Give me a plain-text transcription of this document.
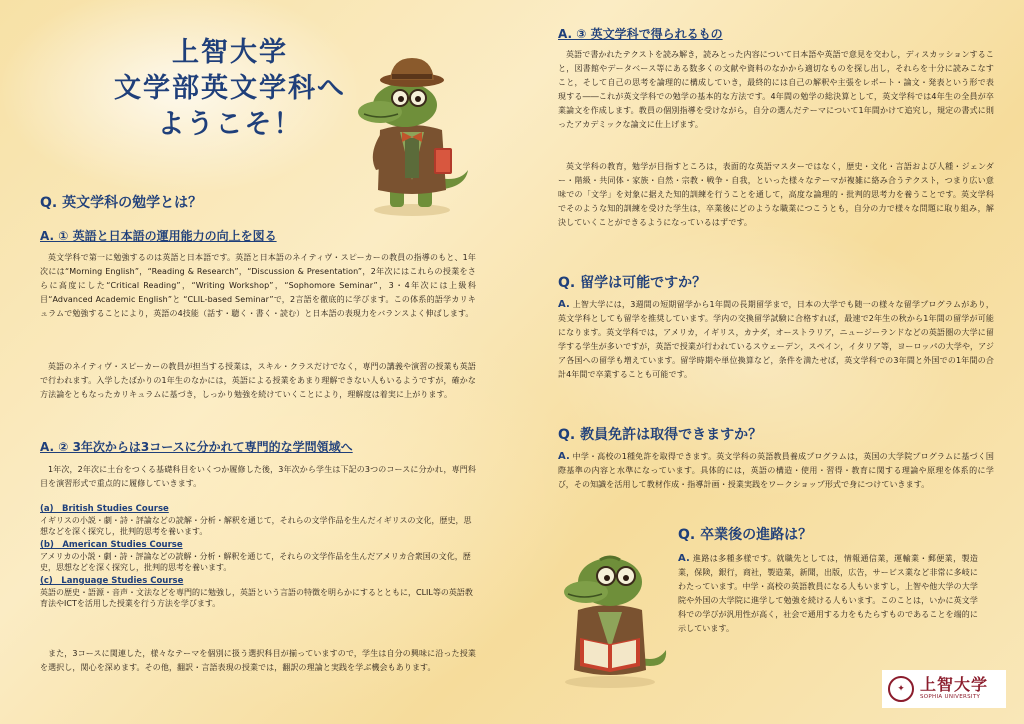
上智大学
文学部英文学科へ
ようこそ！
Q. 英文学科の勉学とは？
A. ① 英語と日本語の運用能力の向上を図る

英文学科で第一に勉強するのは英語と日本語です。英語と日本語のネイティヴ・スピーカーの教員の指導のもと、1年次には“Morning English”，“Reading & Research”，“Discussion & Presentation”，2年次にはこれらの授業をさらに高度にした“Critical Reading”，“Writing Workshop”，“Sophomore Seminar”，3・4年次には上級科目“Advanced Academic English”と “CLIL-based Seminar”で，2言語を徹底的に学びます。この体系的語学カリキュラムで勉強することにより，英語の4技能（話す・聴く・書く・読む）と日本語の表現力をバランスよく伸ばします。

英語のネイティヴ・スピーカーの教員が担当する授業は，スキル・クラスだけでなく，専門の講義や演習の授業も英語で行われます。入学したばかりの1年生のなかには，英語による授業をあまり理解できない人もいるようですが，確かな方法論をともなったカリキュラムに基づき，しっかり勉強を続けていくことにより，理解度は着実に上がります。

A. ② 3年次からは3コースに分かれて専門的な学問領域へ

1年次，2年次に土台をつくる基礎科目をいくつか履修した後，3年次から学生は下記の3つのコースに分かれ，専門科目を演習形式で重点的に履修していきます。

(a)　British Studies Course
イギリスの小説・劇・詩・評論などの読解・分析・解釈を通じて，それらの文学作品を生んだイギリスの文化，歴史，思想などを深く探究し，批判的思考を養います。
(b)　American Studies Course
アメリカの小説・劇・詩・評論などの読解・分析・解釈を通じて，それらの文学作品を生んだアメリカ合衆国の文化，歴史，思想などを深く探究し，批判的思考を養います。
(c)　Language Studies Course
英語の歴史・語源・音声・文法などを専門的に勉強し，英語という言語の特徴を明らかにするとともに，CLIL等の英語教育法やICTを活用した授業を行う方法を学びます。

また，3コースに関連した，様々なテーマを個別に扱う選択科目が揃っていますので，学生は自分の興味に沿った授業を選択し，関心を深めます。その他，翻訳・言語表現の授業では，翻訳の理論と実践を学ぶ機会もあります。

A. ③ 英文学科で得られるもの

英語で書かれたテクストを読み解き，読みとった内容について日本語や英語で意見を交わし，ディスカッションすること，図書館やデータベース等にある数多くの文献や資料のなかから適切なものを探し出し，それらを十分に読みこなすこと，そして自己の思考を論理的に構成していき，最終的には自己の解釈や主張をレポート・論文・発表という形で表現する――これが英文学科での勉学の基本的な方法です。4年間の勉学の総決算として，英文学科では4年生の全員が卒業論文を作成します。教員の個別指導を受けながら，自分の選んだテーマについて1年間かけて追究し，規定の書式に則ったアカデミックな論文に仕上げます。

英文学科の教育，勉学が目指すところは，表面的な英語マスターではなく，歴史・文化・言語および人種・ジェンダー・階級・共同体・家族・自然・宗教・戦争・自我，といった様々なテーマが複雑に絡み合うテクスト，つまり広い意味での「文学」を対象に据えた知的訓練を行うことを通して，高度な論理的・批判的思考力を養うことです。英文学科でそのような知的訓練を受けた学生は，卒業後にどのような職業につこうとも，自分の力で様々な問題に取り組み，解決していくことができるようになっているはずです。

Q. 留学は可能ですか？

A. 上智大学には，3週間の短期留学から1年間の長期留学まで，日本の大学でも随一の様々な留学プログラムがあり，英文学科としても留学を推奨しています。学内の交換留学試験に合格すれば，最速で2年生の秋から1年間の留学が可能になります。英文学科では，アメリカ，イギリス，カナダ，オーストラリア，ニュージーランドなどの英語圏の大学に留学する学生が多いですが，英語で授業が行われているスウェーデン，スペイン，イタリア等，ヨーロッパの大学や，アジア各国への留学も増えています。留学時期や単位換算など，条件を満たせば，英文学科での3年間と外国での1年間の合計4年間で卒業することも可能です。

Q. 教員免許は取得できますか？

A. 中学・高校の1種免許を取得できます。英文学科の英語教員養成プログラムは，英国の大学院プログラムに基づく国際基準の内容と水準になっています。具体的には，英語の構造・使用・習得・教育に関する理論や原理を体系的に学び，その知識を活用して教材作成・指導計画・授業実践をワークショップ形式で身につけていきます。

Q. 卒業後の進路は？

A. 進路は多種多様です。就職先としては，情報通信業，運輸業・郵便業，製造業，保険，銀行，商社，製造業，新聞，出版，広告，サービス業など非常に多岐にわたっています。中学・高校の英語教員になる人もいますし，上智や他大学の大学院や外国の大学院に進学して勉強を続ける人もいます。このことは，いかに英文学科での学びが汎用性が高く，社会で通用する力をもたらすものであることを端的に示しています。

✦ 上智大学
SOPHIA UNIVERSITY
